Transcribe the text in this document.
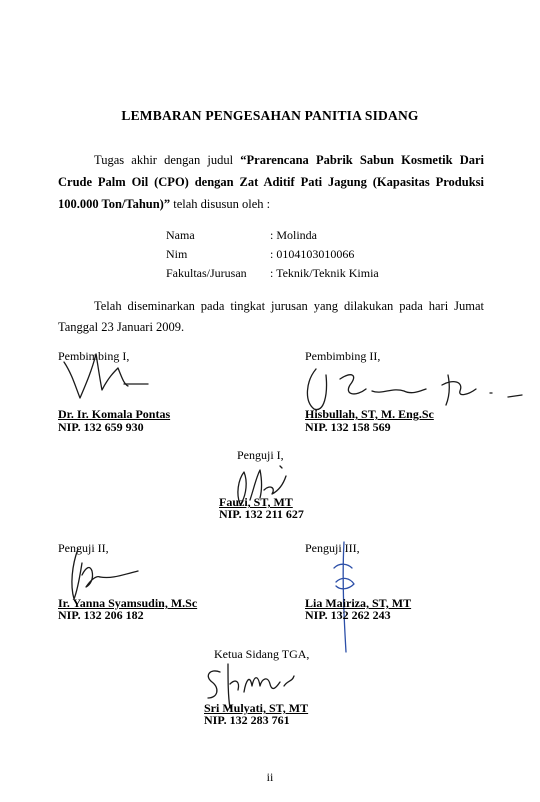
LEMBARAN PENGESAHAN PANITIA SIDANG
Tugas akhir dengan judul “Prarencana Pabrik Sabun Kosmetik Dari Crude Palm Oil (CPO) dengan Zat Aditif Pati Jagung (Kapasitas Produksi 100.000 Ton/Tahun)” telah disusun oleh :
Nama	: Molinda
Nim	: 0104103010066
Fakultas/Jurusan : Teknik/Teknik Kimia
Telah diseminarkan pada tingkat jurusan yang dilakukan pada hari Jumat Tanggal 23 Januari 2009.
Pembimbing I,
Dr. Ir. Komala Pontas
NIP. 132 659 930
Pembimbing II,
Hisbullah, ST, M. Eng.Sc
NIP. 132 158 569
Penguji I,
Fauzi, ST, MT
NIP. 132 211 627
Penguji II,
Ir. Yanna Syamsudin, M.Sc
NIP. 132 206 182
Penguji III,
Lia Mairiza, ST, MT
NIP. 132 262 243
Ketua Sidang TGA,
Sri Mulyati, ST, MT
NIP. 132 283 761
ii
